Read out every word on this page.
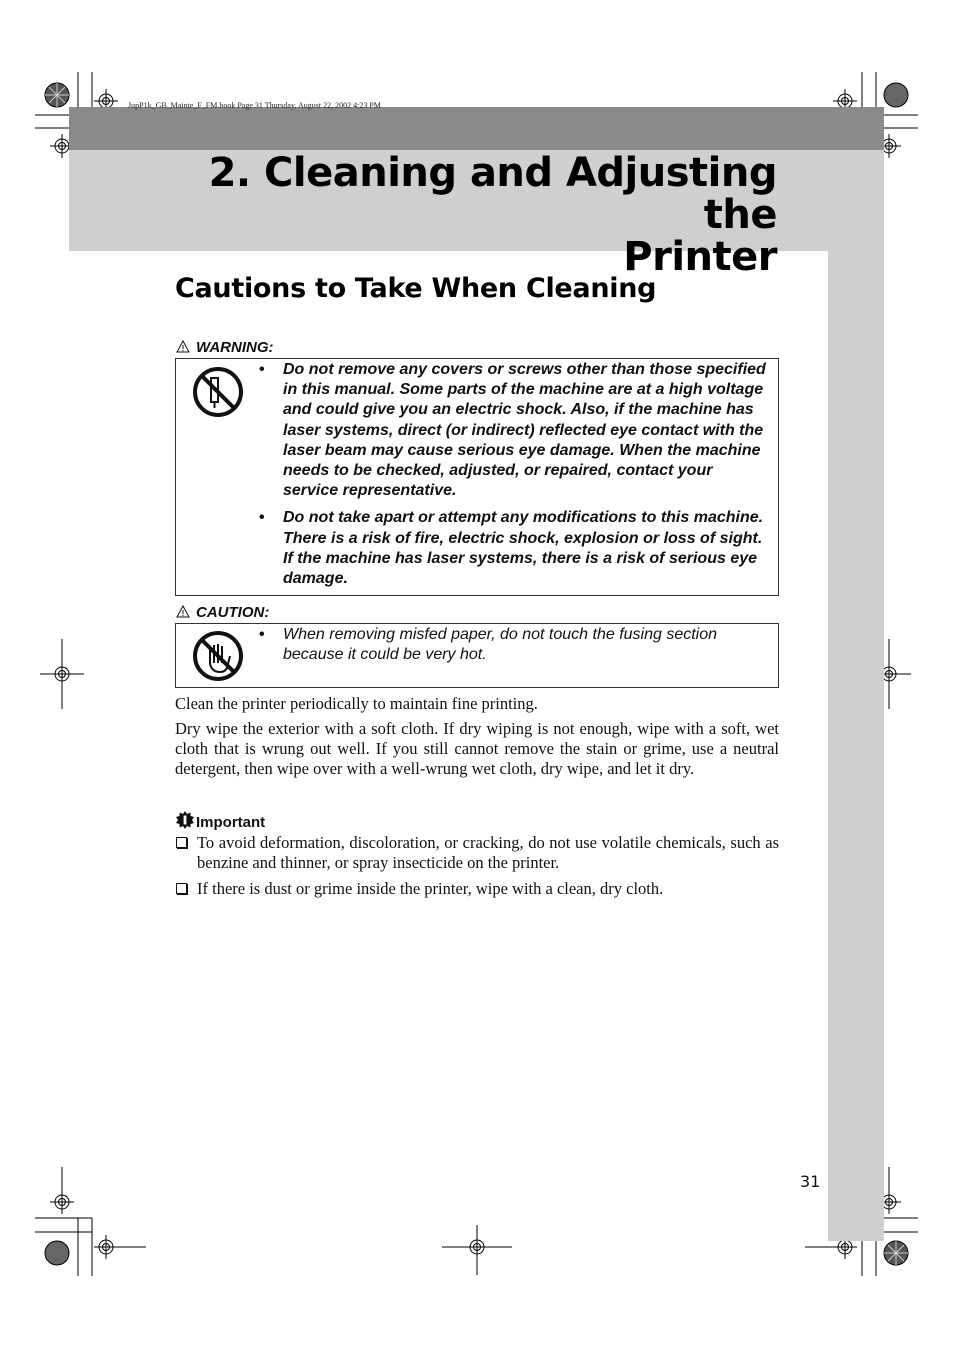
JupP1k_GB_Mainte_F_FM.book Page 31 Thursday, August 22, 2002 4:23 PM
2. Cleaning and Adjusting the
Printer
Cautions to Take When Cleaning
WARNING:
• Do not remove any covers or screws other than those specified in this manual. Some parts of the machine are at a high voltage and could give you an electric shock. Also, if the machine has laser systems, direct (or indirect) reflected eye contact with the laser beam may cause serious eye damage. When the machine needs to be checked, adjusted, or repaired, contact your service representative.
• Do not take apart or attempt any modifications to this machine. There is a risk of fire, electric shock, explosion or loss of sight. If the machine has laser systems, there is a risk of serious eye damage.
CAUTION:
• When removing misfed paper, do not touch the fusing section because it could be very hot.
Clean the printer periodically to maintain fine printing.
Dry wipe the exterior with a soft cloth. If dry wiping is not enough, wipe with a soft, wet cloth that is wrung out well. If you still cannot remove the stain or grime, use a neutral detergent, then wipe over with a well-wrung wet cloth, dry wipe, and let it dry.
Important
To avoid deformation, discoloration, or cracking, do not use volatile chemicals, such as benzine and thinner, or spray insecticide on the printer.
If there is dust or grime inside the printer, wipe with a clean, dry cloth.
31
